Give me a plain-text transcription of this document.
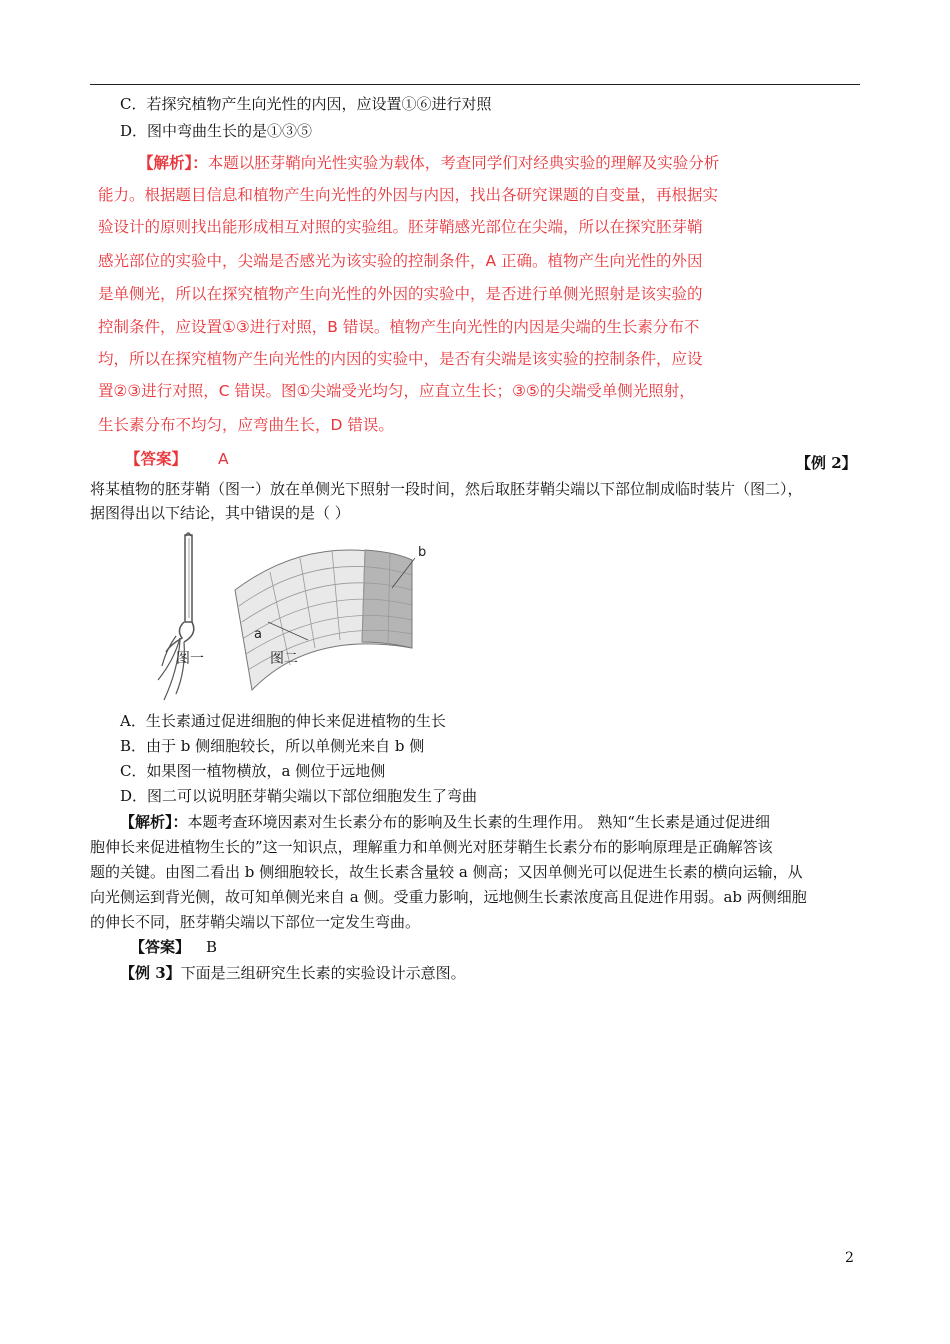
C．若探究植物产生向光性的内因，应设置①⑥进行对照
D．图中弯曲生长的是①③⑤
【解析】：本题以胚芽鞘向光性实验为载体，考查同学们对经典实验的理解及实验分析
能力。根据题目信息和植物产生向光性的外因与内因，找出各研究课题的自变量，再根据实
验设计的原则找出能形成相互对照的实验组。胚芽鞘感光部位在尖端，所以在探究胚芽鞘
感光部位的实验中，尖端是否感光为该实验的控制条件，A 正确。植物产生向光性的外因
是单侧光，所以在探究植物产生向光性的外因的实验中，是否进行单侧光照射是该实验的
控制条件，应设置①③进行对照，B 错误。植物产生向光性的内因是尖端的生长素分布不
均，所以在探究植物产生向光性的内因的实验中，是否有尖端是该实验的控制条件，应设
置②③进行对照，C 错误。图①尖端受光均匀，应直立生长；③⑤的尖端受单侧光照射，
生长素分布不均匀，应弯曲生长，D 错误。
【答案】 A	【例 2】
将某植物的胚芽鞘（图一）放在单侧光下照射一段时间，然后取胚芽鞘尖端以下部位制成临时装片（图二），
据图得出以下结论，其中错误的是（ ）
b
a
图一	图二
A．生长素通过促进细胞的伸长来促进植物的生长
B．由于 b 侧细胞较长，所以单侧光来自 b 侧
C．如果图一植物横放，a 侧位于远地侧
D．图二可以说明胚芽鞘尖端以下部位细胞发生了弯曲
【解析】：本题考查环境因素对生长素分布的影响及生长素的生理作用。 熟知“生长素是通过促进细
胞伸长来促进植物生长的”这一知识点，理解重力和单侧光对胚芽鞘生长素分布的影响原理是正确解答该
题的关键。由图二看出 b 侧细胞较长，故生长素含量较 a 侧高；又因单侧光可以促进生长素的横向运输，从
向光侧运到背光侧，故可知单侧光来自 a 侧。受重力影响，远地侧生长素浓度高且促进作用弱。ab 两侧细胞
的伸长不同，胚芽鞘尖端以下部位一定发生弯曲。
【答案】 B
【例 3】下面是三组研究生长素的实验设计示意图。
2
